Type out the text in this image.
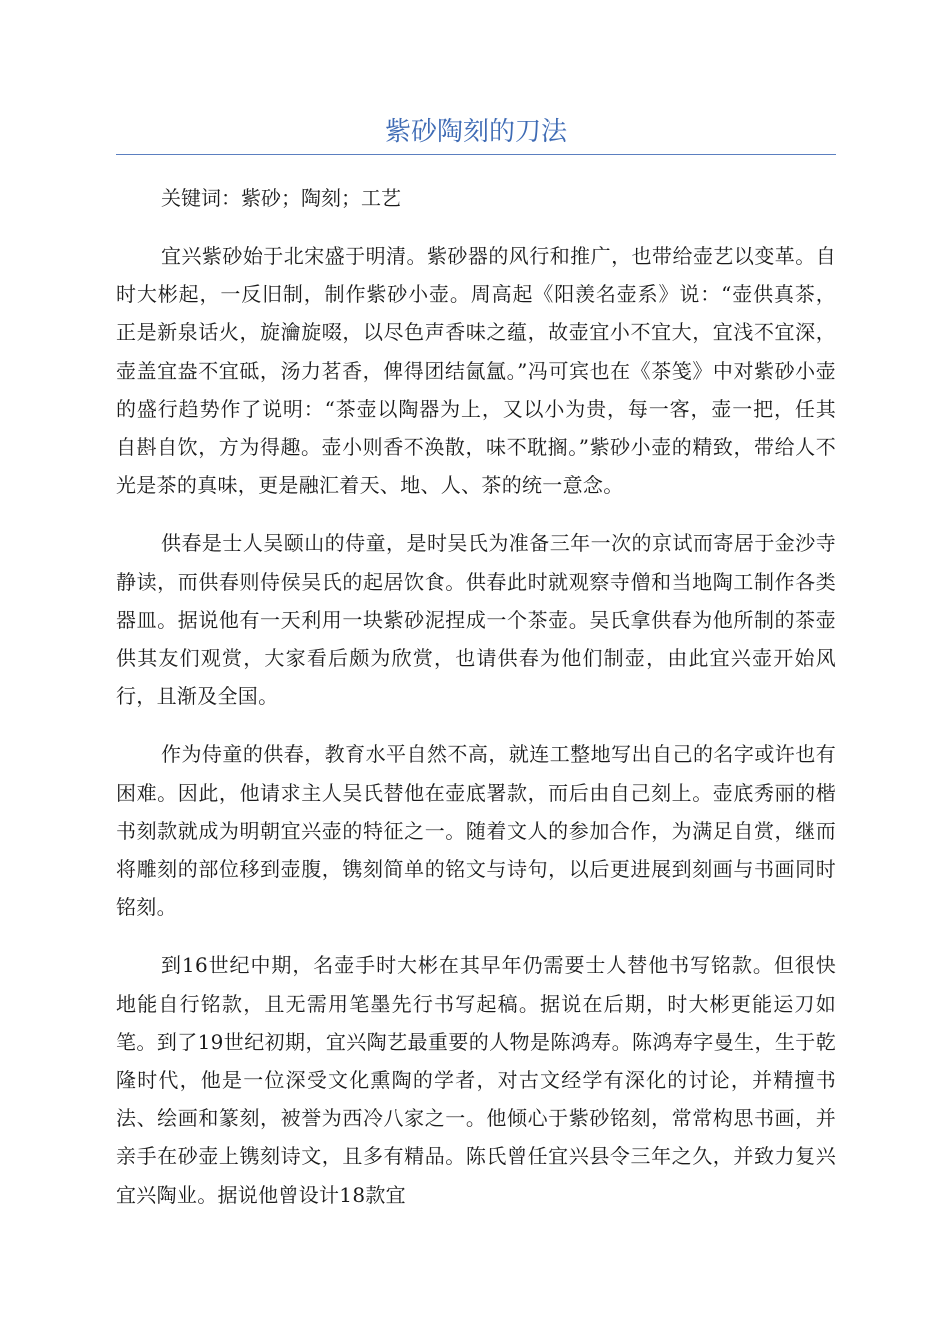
紫砂陶刻的刀法

关键词：紫砂；陶刻；工艺

宜兴紫砂始于北宋盛于明清。紫砂器的风行和推广，也带给壶艺以变革。自时大彬起，一反旧制，制作紫砂小壶。周高起《阳羡名壶系》说：“壶供真茶，正是新泉话火，旋瀹旋啜，以尽色声香味之蕴，故壶宜小不宜大，宜浅不宜深，壶盖宜盎不宜砥，汤力茗香，俾得团结氤氲。”冯可宾也在《茶笺》中对紫砂小壶的盛行趋势作了说明：“茶壶以陶器为上，又以小为贵，每一客，壶一把，任其自斟自饮，方为得趣。壶小则香不涣散，味不耽搁。”紫砂小壶的精致，带给人不光是茶的真味，更是融汇着天、地、人、茶的统一意念。

供春是士人吴颐山的侍童，是时吴氏为准备三年一次的京试而寄居于金沙寺静读，而供春则侍侯吴氏的起居饮食。供春此时就观察寺僧和当地陶工制作各类器皿。据说他有一天利用一块紫砂泥捏成一个茶壶。吴氏拿供春为他所制的茶壶供其友们观赏，大家看后颇为欣赏，也请供春为他们制壶，由此宜兴壶开始风行，且渐及全国。

作为侍童的供春，教育水平自然不高，就连工整地写出自己的名字或许也有困难。因此，他请求主人吴氏替他在壶底署款，而后由自己刻上。壶底秀丽的楷书刻款就成为明朝宜兴壶的特征之一。随着文人的参加合作，为满足自赏，继而将雕刻的部位移到壶腹，镌刻简单的铭文与诗句，以后更进展到刻画与书画同时铭刻。

到16世纪中期，名壶手时大彬在其早年仍需要士人替他书写铭款。但很快地能自行铭款，且无需用笔墨先行书写起稿。据说在后期，时大彬更能运刀如笔。到了19世纪初期，宜兴陶艺最重要的人物是陈鸿寿。陈鸿寿字曼生，生于乾隆时代，他是一位深受文化熏陶的学者，对古文经学有深化的讨论，并精擅书法、绘画和篆刻，被誉为西冷八家之一。他倾心于紫砂铭刻，常常构思书画，并亲手在砂壶上镌刻诗文，且多有精品。陈氏曾任宜兴县令三年之久，并致力复兴宜兴陶业。据说他曾设计18款宜
